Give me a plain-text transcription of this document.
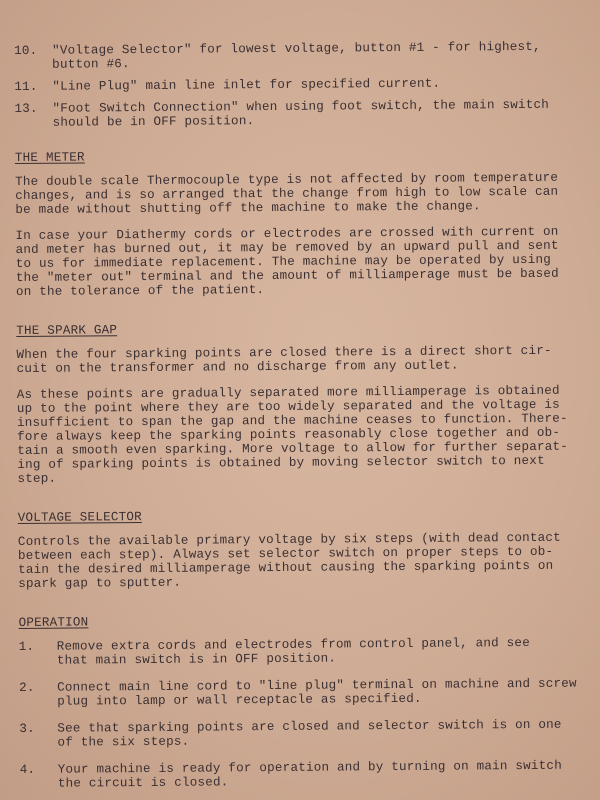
10.	"Voltage Selector" for lowest voltage, button #1 - for highest,
button #6.
11.	"Line Plug" main line inlet for specified current.
13.	"Foot Switch Connection" when using foot switch, the main switch
should be in OFF position.
THE METER
The double scale Thermocouple type is not affected by room temperature
changes, and is so arranged that the change from high to low scale can
be made without shutting off the machine to make the change.
In case your Diathermy cords or electrodes are crossed with current on
and meter has burned out, it may be removed by an upward pull and sent
to us for immediate replacement. The machine may be operated by using
the "meter out" terminal and the amount of milliamperage must be based
on the tolerance of the patient.
THE SPARK GAP
When the four sparking points are closed there is a direct short cir-
cuit on the transformer and no discharge from any outlet.
As these points are gradually separated more milliamperage is obtained
up to the point where they are too widely separated and the voltage is
insufficient to span the gap and the machine ceases to function. There-
fore always keep the sparking points reasonably close together and ob-
tain a smooth even sparking. More voltage to allow for further separat-
ing of sparking points is obtained by moving selector switch to next
step.
VOLTAGE SELECTOR
Controls the available primary voltage by six steps (with dead contact
between each step). Always set selector switch on proper steps to ob-
tain the desired milliamperage without causing the sparking points on
spark gap to sputter.
OPERATION
1.	Remove extra cords and electrodes from control panel, and see
that main switch is in OFF position.
2.	Connect main line cord to "line plug" terminal on machine and screw
plug into lamp or wall receptacle as specified.
3.	See that sparking points are closed and selector switch is on one
of the six steps.
4.	Your machine is ready for operation and by turning on main switch
the circuit is closed.
